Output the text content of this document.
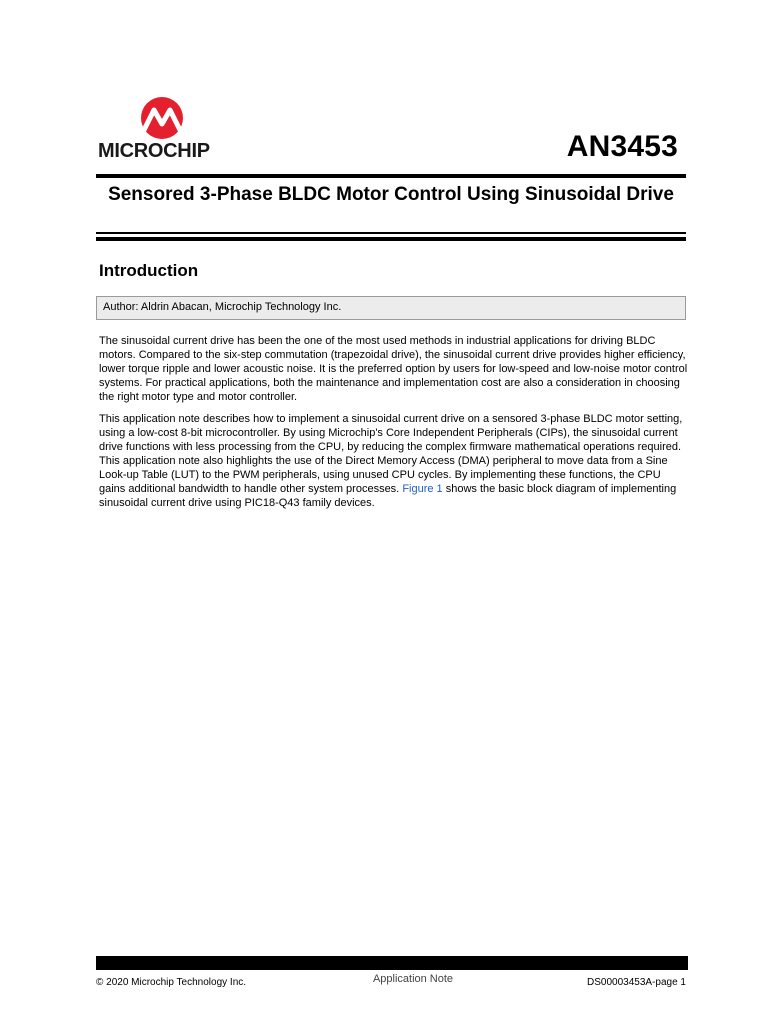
MICROCHIP	AN3453
Sensored 3-Phase BLDC Motor Control Using Sinusoidal Drive
Introduction
Author: Aldrin Abacan, Microchip Technology Inc.
The sinusoidal current drive has been the one of the most used methods in industrial applications for driving BLDC motors. Compared to the six-step commutation (trapezoidal drive), the sinusoidal current drive provides higher efficiency, lower torque ripple and lower acoustic noise. It is the preferred option by users for low-speed and low-noise motor control systems. For practical applications, both the maintenance and implementation cost are also a consideration in choosing the right motor type and motor controller.
This application note describes how to implement a sinusoidal current drive on a sensored 3-phase BLDC motor setting, using a low-cost 8-bit microcontroller. By using Microchip's Core Independent Peripherals (CIPs), the sinusoidal current drive functions with less processing from the CPU, by reducing the complex firmware mathematical operations required. This application note also highlights the use of the Direct Memory Access (DMA) peripheral to move data from a Sine Look-up Table (LUT) to the PWM peripherals, using unused CPU cycles. By implementing these functions, the CPU gains additional bandwidth to handle other system processes. Figure 1 shows the basic block diagram of implementing sinusoidal current drive using PIC18-Q43 family devices.
© 2020 Microchip Technology Inc.	Application Note	DS00003453A-page 1
